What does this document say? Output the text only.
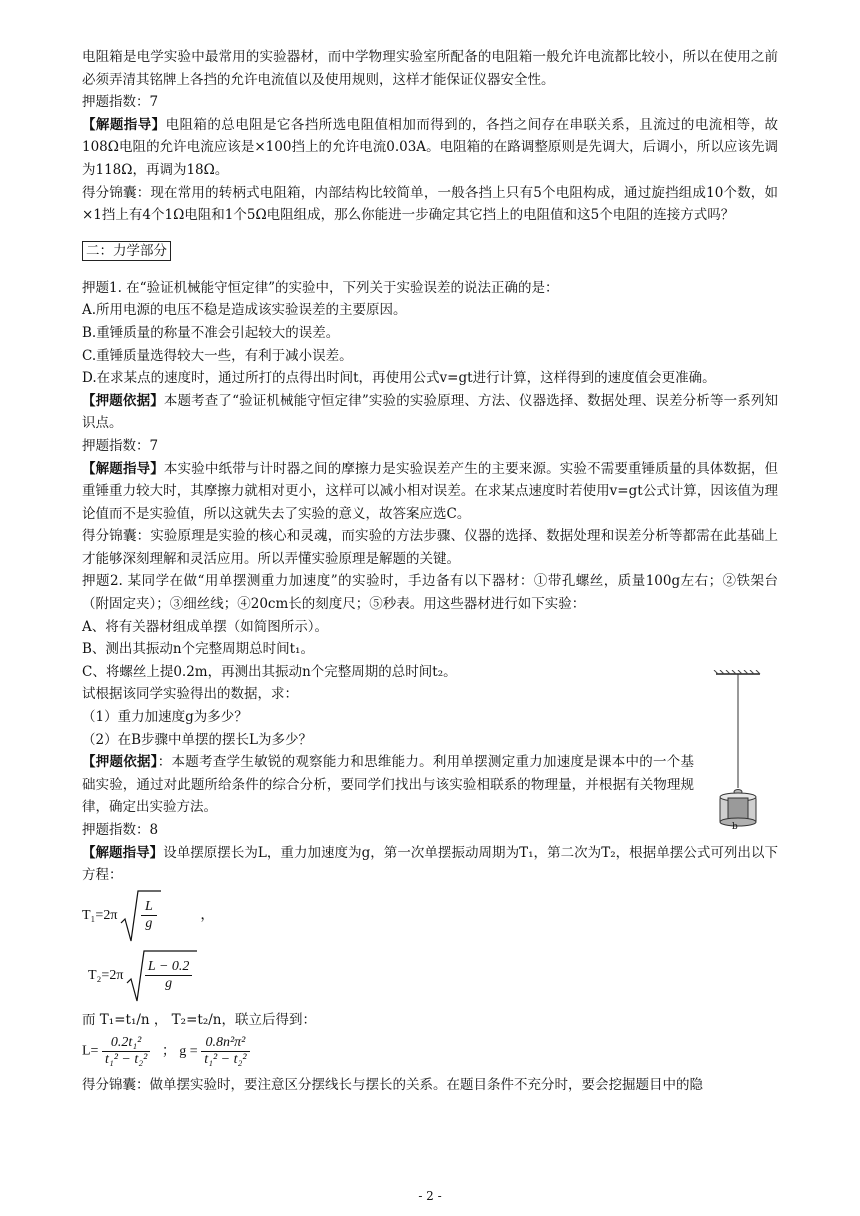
电阻箱是电学实验中最常用的实验器材，而中学物理实验室所配备的电阻箱一般允许电流都比较小，所以在使用之前必须弄清其铭牌上各挡的允许电流值以及使用规则，这样才能保证仪器安全性。

押题指数：7

【解题指导】电阻箱的总电阻是它各挡所选电阻值相加而得到的，各挡之间存在串联关系，且流过的电流相等，故108Ω电阻的允许电流应该是×100挡上的允许电流0.03A。电阻箱的在路调整原则是先调大，后调小，所以应该先调为118Ω，再调为18Ω。

得分锦囊：现在常用的转柄式电阻箱，内部结构比较简单，一般各挡上只有5个电阻构成，通过旋挡组成10个数，如×1挡上有4个1Ω电阻和1个5Ω电阻组成，那么你能进一步确定其它挡上的电阻值和这5个电阻的连接方式吗？

二：力学部分

押题1. 在“验证机械能守恒定律”的实验中，下列关于实验误差的说法正确的是：

A.所用电源的电压不稳是造成该实验误差的主要原因。

B.重锤质量的称量不准会引起较大的误差。

C.重锤质量选得较大一些，有利于减小误差。

D.在求某点的速度时，通过所打的点得出时间t，再使用公式v=gt进行计算，这样得到的速度值会更准确。

【押题依据】本题考查了“验证机械能守恒定律”实验的实验原理、方法、仪器选择、数据处理、误差分析等一系列知识点。

押题指数：7

【解题指导】本实验中纸带与计时器之间的摩擦力是实验误差产生的主要来源。实验不需要重锤质量的具体数据，但重锤重力较大时，其摩擦力就相对更小，这样可以减小相对误差。在求某点速度时若使用v=gt公式计算，因该值为理论值而不是实验值，所以这就失去了实验的意义，故答案应选C。

得分锦囊：实验原理是实验的核心和灵魂，而实验的方法步骤、仪器的选择、数据处理和误差分析等都需在此基础上才能够深刻理解和灵活应用。所以弄懂实验原理是解题的关键。

押题2. 某同学在做“用单摆测重力加速度”的实验时，手边备有以下器材：①带孔螺丝，质量100g左右；②铁架台（附固定夹）；③细丝线；④20cm长的刻度尺；⑤秒表。用这些器材进行如下实验：

A、将有关器材组成单摆（如简图所示）。

B、测出其振动n个完整周期总时间t₁。

C、将螺丝上提0.2m，再测出其振动n个完整周期的总时间t₂。

试根据该同学实验得出的数据，求：

（1）重力加速度g为多少？

（2）在B步骤中单摆的摆长L为多少？

【押题依据】：本题考查学生敏锐的观察能力和思维能力。利用单摆测定重力加速度是课本中的一个基础实验，通过对此题所给条件的综合分析，要同学们找出与该实验相联系的物理量，并根据有关物理规律，确定出实验方法。

押题指数：8

【解题指导】设单摆原摆长为L，重力加速度为g，第一次单摆振动周期为T₁，第二次为T₂，根据单摆公式可列出以下方程：

$T_1=2\pi \frac{L}{g}$	，
$T_2=2\pi \frac{L - 0.2}{g}$

而 T₁=t₁/n ， T₂=t₂/n，联立后得到：

$L= \frac{\text{0.2t₁²}}{\text{t₁² − t₂²}}$ ； $g = \frac{\text{0.8n²π²}}{\text{t₁² − t₂²}}$

得分锦囊：做单摆实验时，要注意区分摆线长与摆长的关系。在题目条件不充分时，要会挖掘题目中的隐

b
- 2 -
